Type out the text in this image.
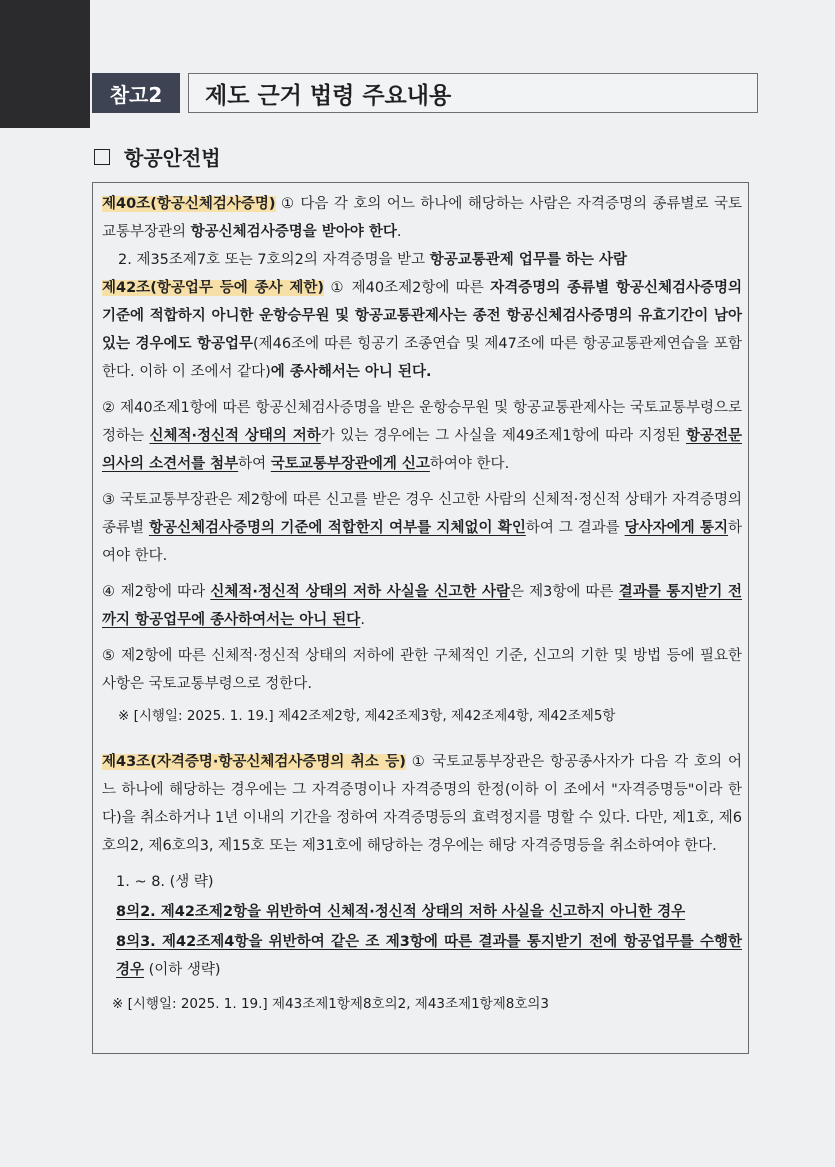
참고2	제도 근거 법령 주요내용
항공안전법

제40조(항공신체검사증명) ① 다음 각 호의 어느 하나에 해당하는 사람은 자격증명의 종류별로 국토교통부장관의 항공신체검사증명을 받아야 한다.

2. 제35조제7호 또는 7호의2의 자격증명을 받고 항공교통관제 업무를 하는 사람

제42조(항공업무 등에 종사 제한) ① 제40조제2항에 따른 자격증명의 종류별 항공신체검사증명의 기준에 적합하지 아니한 운항승무원 및 항공교통관제사는 종전 항공신체검사증명의 유효기간이 남아 있는 경우에도 항공업무(제46조에 따른 힝공기 조종연습 및 제47조에 따른 항공교통관제연습을 포함한다. 이하 이 조에서 같다)에 종사해서는 아니 된다.

② 제40조제1항에 따른 항공신체검사증명을 받은 운항승무원 및 항공교통관제사는 국토교통부령으로 정하는 신체적·정신적 상태의 저하가 있는 경우에는 그 사실을 제49조제1항에 따라 지정된 항공전문의사의 소견서를 첨부하여 국토교통부장관에게 신고하여야 한다.

③ 국토교통부장관은 제2항에 따른 신고를 받은 경우 신고한 사람의 신체적·정신적 상태가 자격증명의 종류별 항공신체검사증명의 기준에 적합한지 여부를 지체없이 확인하여 그 결과를 당사자에게 통지하여야 한다.

④ 제2항에 따라 신체적·정신적 상태의 저하 사실을 신고한 사람은 제3항에 따른 결과를 통지받기 전까지 항공업무에 종사하여서는 아니 된다.

⑤ 제2항에 따른 신체적·정신적 상태의 저하에 관한 구체적인 기준, 신고의 기한 및 방법 등에 필요한 사항은 국토교통부령으로 정한다.

※ [시행일: 2025. 1. 19.] 제42조제2항, 제42조제3항, 제42조제4항, 제42조제5항

제43조(자격증명·항공신체검사증명의 취소 등) ① 국토교통부장관은 항공종사자가 다음 각 호의 어느 하나에 해당하는 경우에는 그 자격증명이나 자격증명의 한정(이하 이 조에서 "자격증명등"이라 한다)을 취소하거나 1년 이내의 기간을 정하여 자격증명등의 효력정지를 명할 수 있다. 다만, 제1호, 제6호의2, 제6호의3, 제15호 또는 제31호에 해당하는 경우에는 해당 자격증명등을 취소하여야 한다.

1. ~ 8. (생 략)

8의2. 제42조제2항을 위반하여 신체적·정신적 상태의 저하 사실을 신고하지 아니한 경우

8의3. 제42조제4항을 위반하여 같은 조 제3항에 따른 결과를 통지받기 전에 항공업무를 수행한 경우 (이하 생략)

※ [시행일: 2025. 1. 19.] 제43조제1항제8호의2, 제43조제1항제8호의3
